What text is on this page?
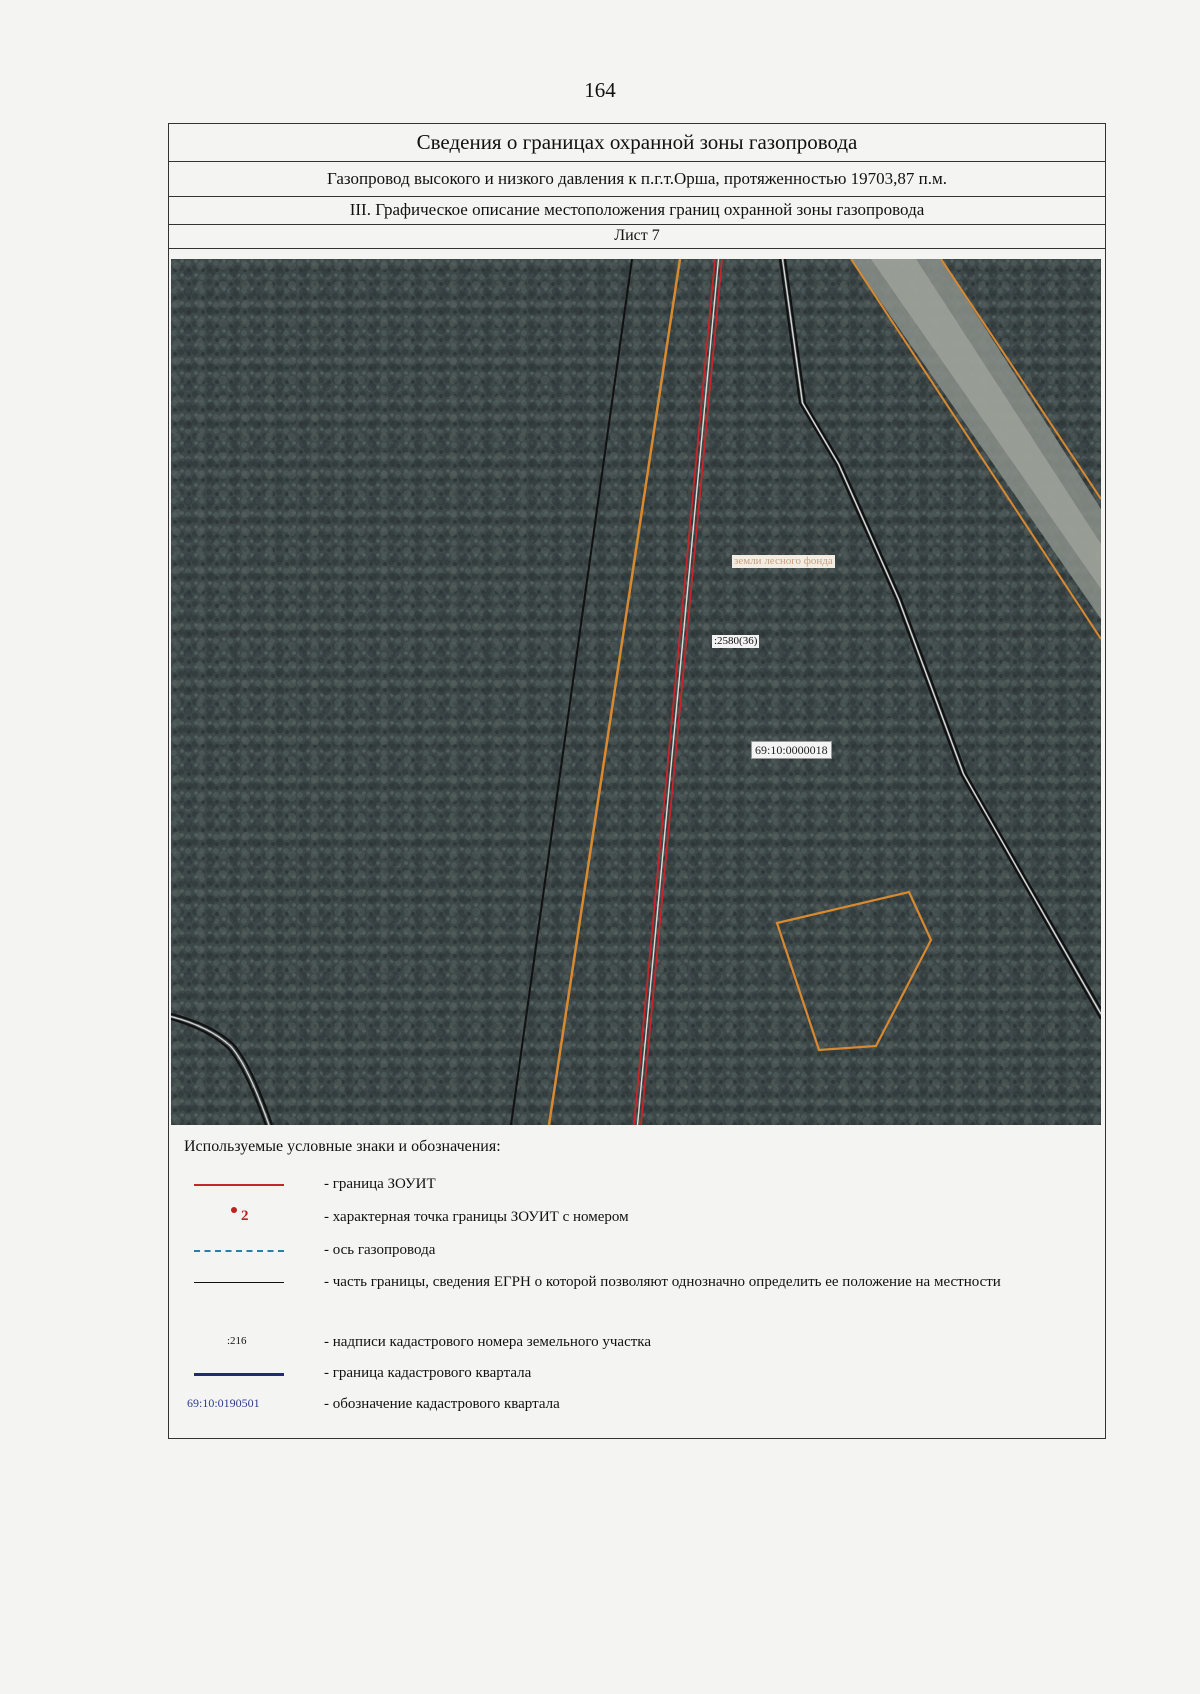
164
Сведения о границах охранной зоны газопровода
Газопровод высокого и низкого давления к п.г.т.Орша, протяженностью 19703,87 п.м.
III. Графическое описание местоположения границ охранной зоны газопровода
Лист 7
земли лесного фонда
:2580(36)
69:10:0000018
Используемые условные знаки и обозначения:
- граница ЗОУИТ
2	- характерная точка границы ЗОУИТ с номером
- ось газопровода
- часть границы, сведения ЕГРН о которой позволяют однозначно определить ее положение на местности
:216	- надписи кадастрового номера земельного участка
- граница кадастрового квартала
69:10:0190501	- обозначение кадастрового квартала
